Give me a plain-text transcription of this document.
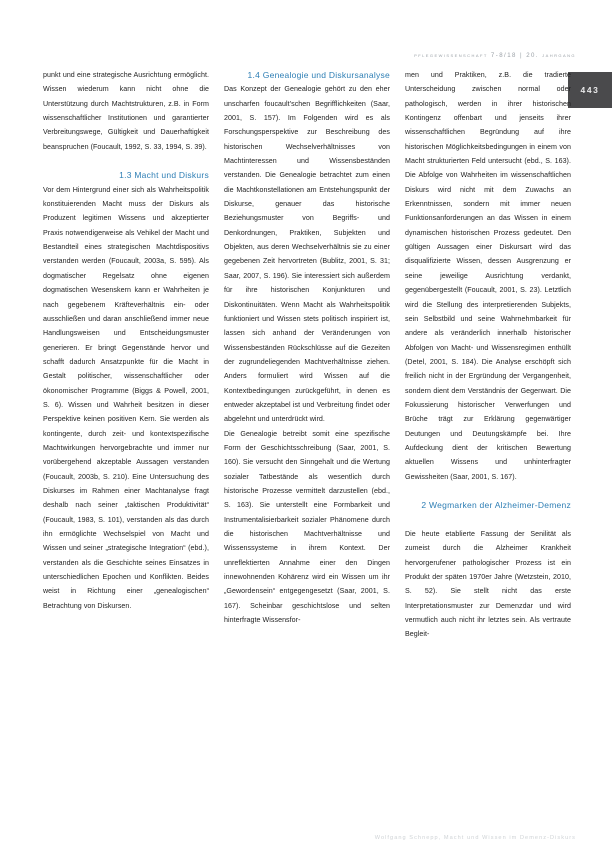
pflegewissenschaft 7-8/18 | 20. jahrgang
443

punkt und eine strategische Ausrichtung ermöglicht. Wissen wiederum kann nicht ohne die Unterstützung durch Machtstrukturen, z.B. in Form wissenschaftlicher Institutionen und garantierter Verbreitungswege, Gültigkeit und Dauerhaftigkeit beanspruchen (Foucault, 1992, S. 33, 1994, S. 39).

1.3 Macht und Diskurs

Vor dem Hintergrund einer sich als Wahrheitspolitik konstituierenden Macht muss der Diskurs als Produzent legitimen Wissens und akzeptierter Praxis notwendigerweise als Vehikel der Macht und Bestandteil eines strategischen Machtdispositivs verstanden werden (Foucault, 2003a, S. 595). Als dogmatischer Regelsatz ohne eigenen dogmatischen Wesenskern kann er Wahrheiten je nach gegebenem Kräfteverhältnis ein- oder ausschließen und daran anschließend immer neue Handlungsweisen und Entscheidungsmuster generieren. Er bringt Gegenstände hervor und schafft dadurch Ansatzpunkte für die Macht in Gestalt politischer, wissenschaftlicher oder ökonomischer Programme (Biggs & Powell, 2001, S. 6). Wissen und Wahrheit besitzen in dieser Perspektive keinen positiven Kern. Sie werden als kontingente, durch zeit- und kontextspezifische Machtwirkungen hervorgebrachte und immer nur vorübergehend akzeptable Aussagen verstanden (Foucault, 2003b, S. 210). Eine Untersuchung des Diskurses im Rahmen einer Machtanalyse fragt deshalb nach seiner „taktischen Produktivität“ (Foucault, 1983, S. 101), verstanden als das durch ihn ermöglichte Wechselspiel von Macht und Wissen und seiner „strategische Integration“ (ebd.), verstanden als die Geschichte seines Einsatzes in unterschiedlichen Epochen und Konflikten. Beides weist in Richtung einer „genealogischen“ Betrachtung von Diskursen.

1.4 Genealogie und Diskursanalyse

Das Konzept der Genealogie gehört zu den eher unscharfen foucault'schen Begrifflichkeiten (Saar, 2001, S. 157). Im Folgenden wird es als Forschungsperspektive zur Beschreibung des historischen Wechselverhältnisses von Machtinteressen und Wissensbeständen verstanden. Die Genealogie betrachtet zum einen die Machtkonstellationen am Entstehungspunkt der Diskurse, genauer das historische Beziehungsmuster von Begriffs- und Denkordnungen, Praktiken, Subjekten und Objekten, aus deren Wechselverhältnis sie zu einer gegebenen Zeit hervortreten (Bublitz, 2001, S. 31; Saar, 2007, S. 196). Sie interessiert sich außerdem für ihre historischen Konjunkturen und Diskontinuitäten. Wenn Macht als Wahrheitspolitik funktioniert und Wissen stets politisch inspiriert ist, lassen sich anhand der Veränderungen von Wissensbeständen Rückschlüsse auf die Gezeiten der zugrundeliegenden Machtverhältnisse ziehen. Anders formuliert wird Wissen auf die Kontextbedingungen zurückgeführt, in denen es entweder akzeptabel ist und Verbreitung findet oder abgelehnt und unterdrückt wird.

Die Genealogie betreibt somit eine spezifische Form der Geschichtsschreibung (Saar, 2001, S. 160). Sie versucht den Sinngehalt und die Wertung sozialer Tatbestände als wesentlich durch historische Prozesse vermittelt darzustellen (ebd., S. 163). Sie unterstellt eine Formbarkeit und Instrumentalisierbarkeit sozialer Phänomene durch die historischen Machtverhältnisse und Wissenssysteme in ihrem Kontext. Der unreflektierten Annahme einer den Dingen innewohnenden Kohärenz wird ein Wissen um ihr „Gewordensein“ entgegengesetzt (Saar, 2001, S. 167). Scheinbar geschichtslose und selten hinterfragte Wissensfor-

men und Praktiken, z.B. die tradierte Unterscheidung zwischen normal oder pathologisch, werden in ihrer historischen Kontingenz offenbart und jenseits ihrer wissenschaftlichen Begründung auf ihre historischen Möglichkeitsbedingungen in einem von Macht strukturierten Feld untersucht (ebd., S. 163). Die Abfolge von Wahrheiten im wissenschaftlichen Diskurs wird nicht mit dem Zuwachs an Erkenntnissen, sondern mit immer neuen Funktionsanforderungen an das Wissen in einem dynamischen historischen Prozess gedeutet. Den gültigen Aussagen einer Diskursart wird das disqualifizierte Wissen, dessen Ausgrenzung er seine jeweilige Ausrichtung verdankt, gegenübergestellt (Foucault, 2001, S. 23). Letztlich wird die Stellung des interpretierenden Subjekts, sein Selbstbild und seine Wahrnehmbarkeit für andere als veränderlich innerhalb historischer Abfolgen von Macht- und Wissensregimen enthüllt (Detel, 2001, S. 184). Die Analyse erschöpft sich freilich nicht in der Ergründung der Vergangenheit, sondern dient dem Verständnis der Gegenwart. Die Fokussierung historischer Verwerfungen und Brüche trägt zur Erklärung gegenwärtiger Deutungen und Deutungskämpfe bei. Ihre Aufdeckung dient der kritischen Bewertung aktuellen Wissens und unhinterfragter Gewissheiten (Saar, 2001, S. 167).

2 Wegmarken der Alzheimer-Demenz

Die heute etablierte Fassung der Senilität als zumeist durch die Alzheimer Krankheit hervorgerufener pathologischer Prozess ist ein Produkt der späten 1970er Jahre (Wetzstein, 2010, S. 52). Sie stellt nicht das erste Interpretationsmuster zur Demenzdar und wird vermutlich auch nicht ihr letztes sein. Als vertraute Begleit-

Wolfgang Schnepp, Macht und Wissen im Demenz-Diskurs
